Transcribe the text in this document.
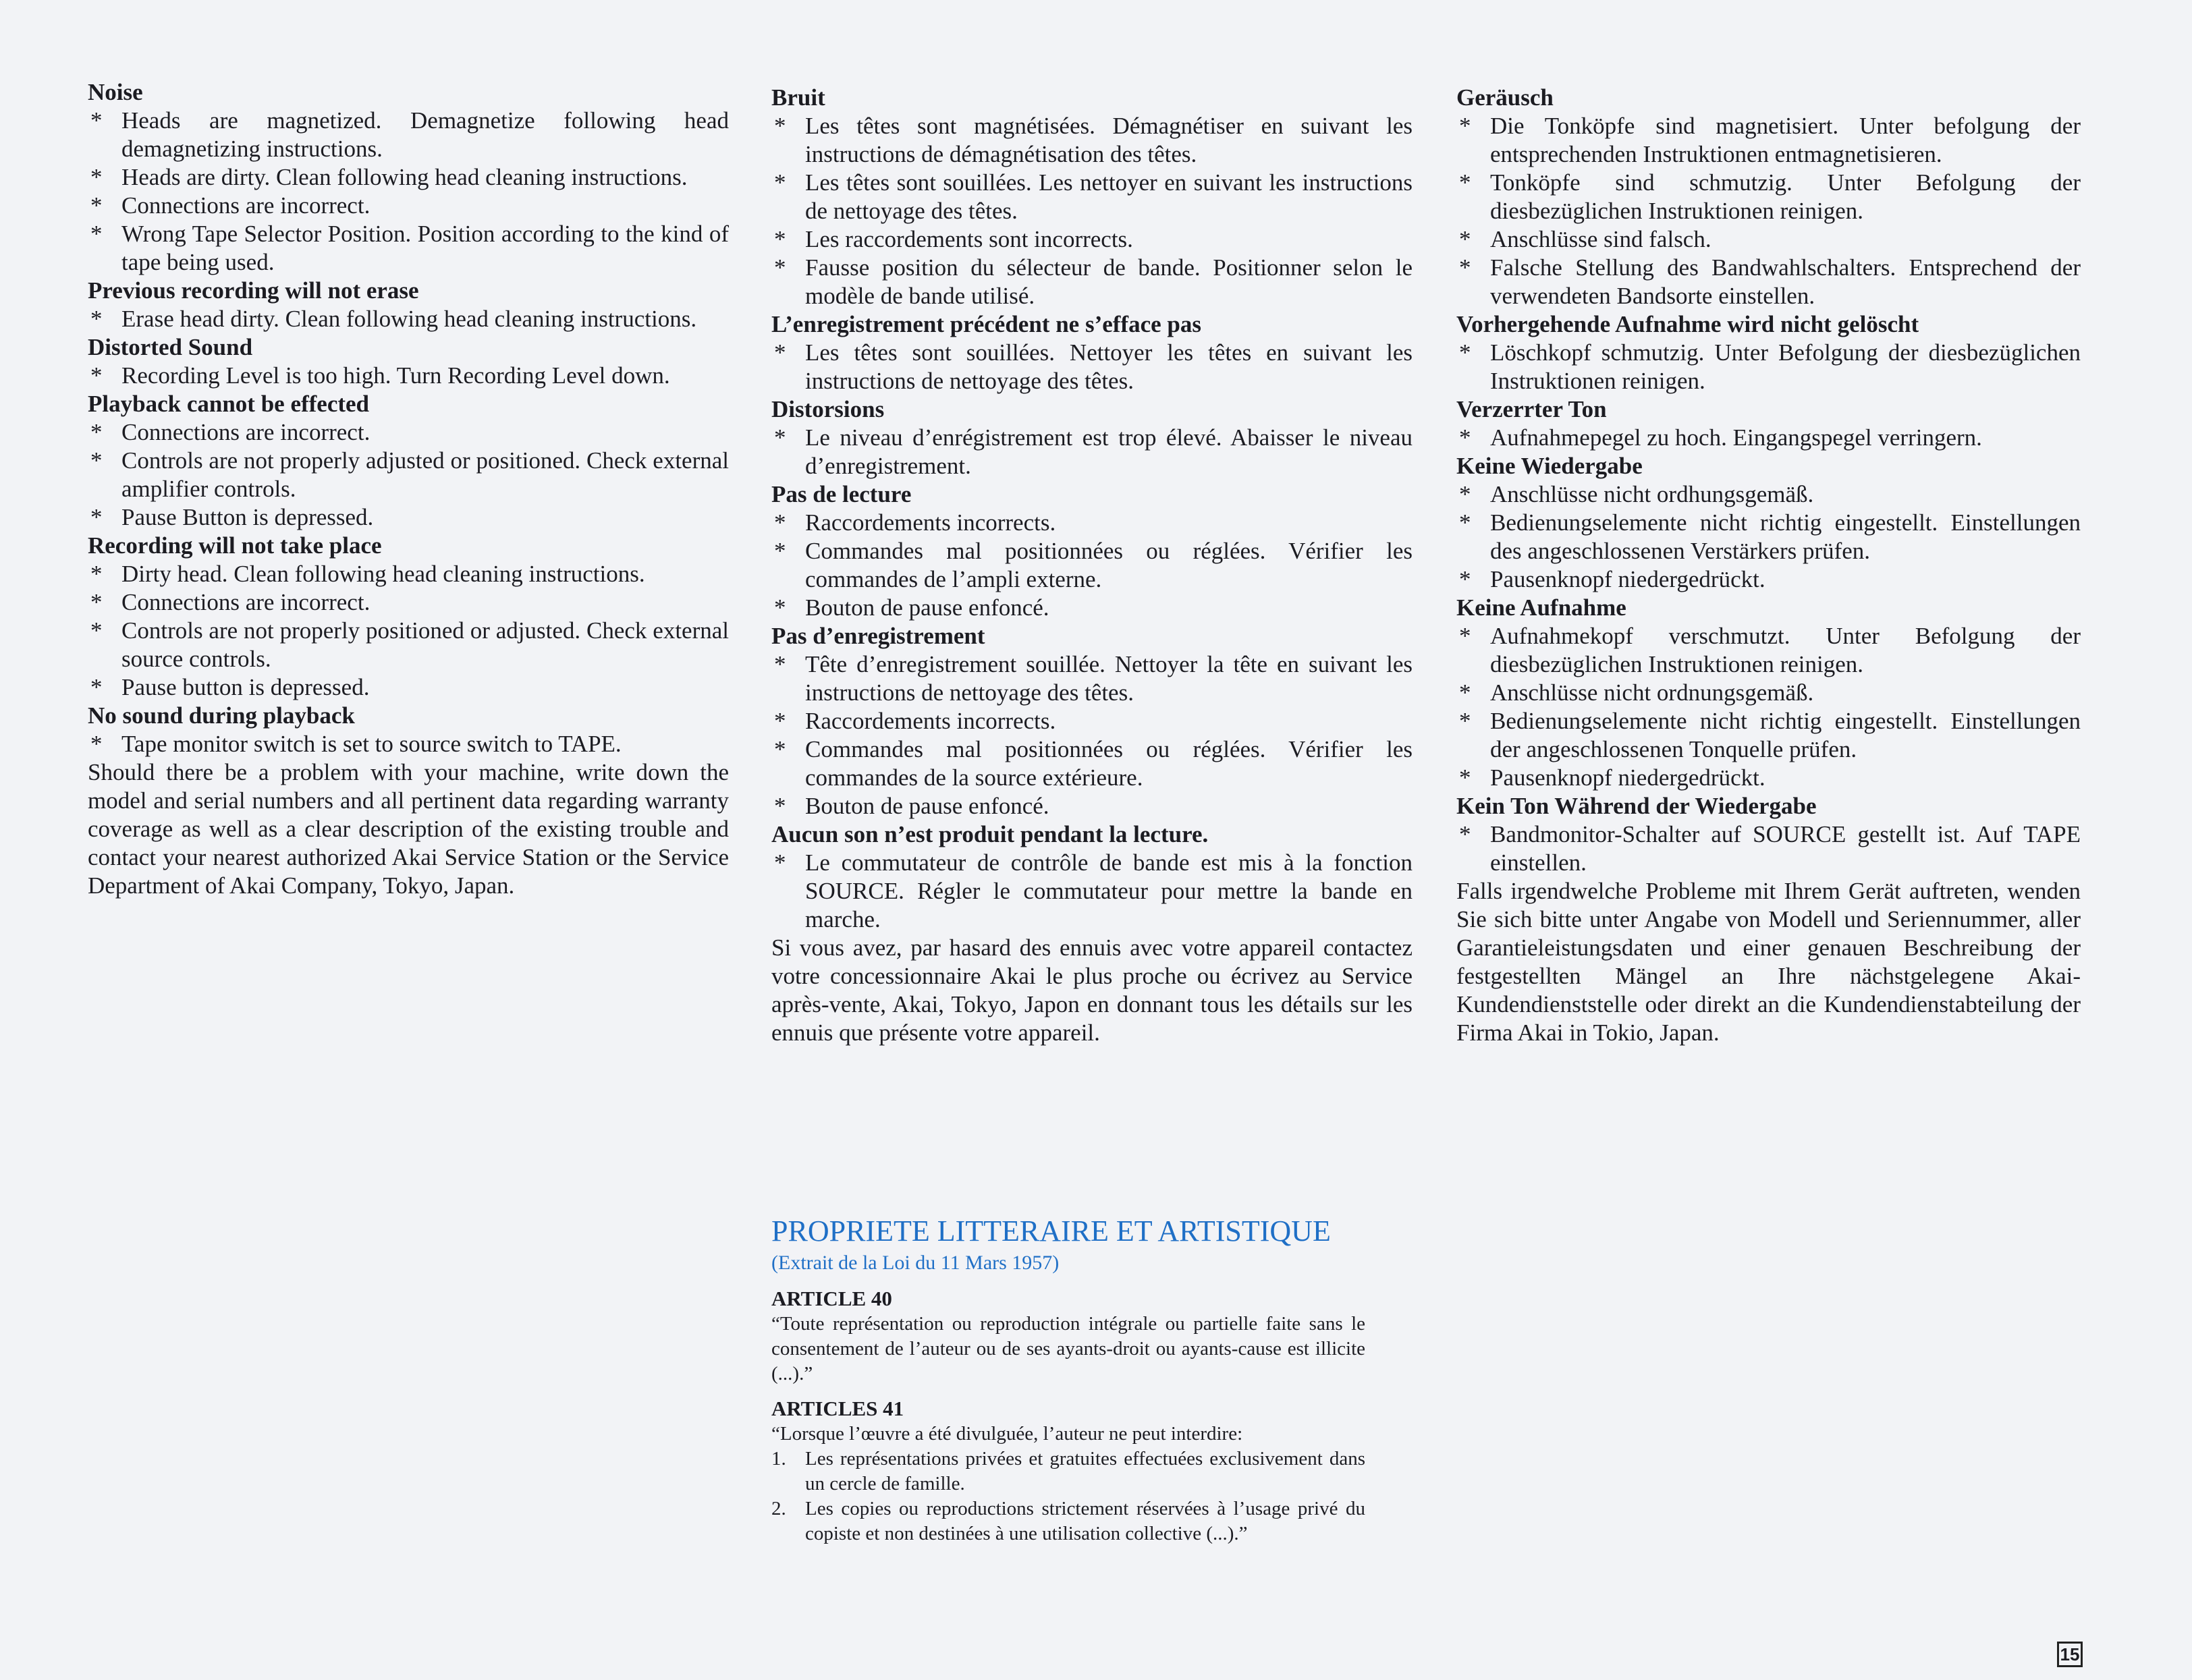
Noise
* Heads are magnetized. Demagnetize following head demagnetizing instructions.
* Heads are dirty. Clean following head cleaning instructions.
* Connections are incorrect.
* Wrong Tape Selector Position. Position according to the kind of tape being used.
Previous recording will not erase
* Erase head dirty. Clean following head cleaning instructions.
Distorted Sound
* Recording Level is too high. Turn Recording Level down.
Playback cannot be effected
* Connections are incorrect.
* Controls are not properly adjusted or positioned. Check external amplifier controls.
* Pause Button is depressed.
Recording will not take place
* Dirty head. Clean following head cleaning instructions.
* Connections are incorrect.
* Controls are not properly positioned or adjusted. Check external source controls.
* Pause button is depressed.
No sound during playback
* Tape monitor switch is set to source switch to TAPE.
Should there be a problem with your machine, write down the model and serial numbers and all pertinent data regarding warranty coverage as well as a clear description of the existing trouble and contact your nearest authorized Akai Service Station or the Service Department of Akai Company, Tokyo, Japan.
Bruit
* Les têtes sont magnétisées. Démagnétiser en suivant les instructions de démagnétisation des têtes.
* Les têtes sont souillées. Les nettoyer en suivant les instructions de nettoyage des têtes.
* Les raccordements sont incorrects.
* Fausse position du sélecteur de bande. Positionner selon le modèle de bande utilisé.
L’enregistrement précédent ne s’efface pas
* Les têtes sont souillées. Nettoyer les têtes en suivant les instructions de nettoyage des têtes.
Distorsions
* Le niveau d’enrégistrement est trop élevé. Abaisser le niveau d’enregistrement.
Pas de lecture
* Raccordements incorrects.
* Commandes mal positionnées ou réglées. Vérifier les commandes de l’ampli externe.
* Bouton de pause enfoncé.
Pas d’enregistrement
* Tête d’enregistrement souillée. Nettoyer la tête en suivant les instructions de nettoyage des têtes.
* Raccordements incorrects.
* Commandes mal positionnées ou réglées. Vérifier les commandes de la source extérieure.
* Bouton de pause enfoncé.
Aucun son n’est produit pendant la lecture.
* Le commutateur de contrôle de bande est mis à la fonction SOURCE. Régler le commutateur pour mettre la bande en marche.
Si vous avez, par hasard des ennuis avec votre appareil contactez votre concessionnaire Akai le plus proche ou écrivez au Service après-vente, Akai, Tokyo, Japon en donnant tous les détails sur les ennuis que présente votre appareil.
Geräusch
* Die Tonköpfe sind magnetisiert. Unter befolgung der entsprechenden Instruktionen entmagnetisieren.
* Tonköpfe sind schmutzig. Unter Befolgung der diesbezüglichen Instruktionen reinigen.
* Anschlüsse sind falsch.
* Falsche Stellung des Bandwahlschalters. Entsprechend der verwendeten Bandsorte einstellen.
Vorhergehende Aufnahme wird nicht gelöscht
* Löschkopf schmutzig. Unter Befolgung der diesbezüglichen Instruktionen reinigen.
Verzerrter Ton
* Aufnahmepegel zu hoch. Eingangspegel verringern.
Keine Wiedergabe
* Anschlüsse nicht ordhungsgemäß.
* Bedienungselemente nicht richtig eingestellt. Einstellungen des angeschlossenen Verstärkers prüfen.
* Pausenknopf niedergedrückt.
Keine Aufnahme
* Aufnahmekopf verschmutzt. Unter Befolgung der diesbezüglichen Instruktionen reinigen.
* Anschlüsse nicht ordnungsgemäß.
* Bedienungselemente nicht richtig eingestellt. Einstellungen der angeschlossenen Tonquelle prüfen.
* Pausenknopf niedergedrückt.
Kein Ton Während der Wiedergabe
* Bandmonitor-Schalter auf SOURCE gestellt ist. Auf TAPE einstellen.
Falls irgendwelche Probleme mit Ihrem Gerät auftreten, wenden Sie sich bitte unter Angabe von Modell und Seriennummer, aller Garantieleistungsdaten und einer genauen Beschreibung der festgestellten Mängel an Ihre nächstgelegene Akai-Kundendienststelle oder direkt an die Kundendienstabteilung der Firma Akai in Tokio, Japan.
PROPRIETE LITTERAIRE ET ARTISTIQUE
(Extrait de la Loi du 11 Mars 1957)
ARTICLE 40
“Toute représentation ou reproduction intégrale ou partielle faite sans le consentement de l’auteur ou de ses ayants-droit ou ayants-cause est illicite (...).”
ARTICLES 41
“Lorsque l’œuvre a été divulguée, l’auteur ne peut interdire:
1. Les représentations privées et gratuites effectuées exclusivement dans un cercle de famille.
2. Les copies ou reproductions strictement réservées à l’usage privé du copiste et non destinées à une utilisation collective (...).”
15
